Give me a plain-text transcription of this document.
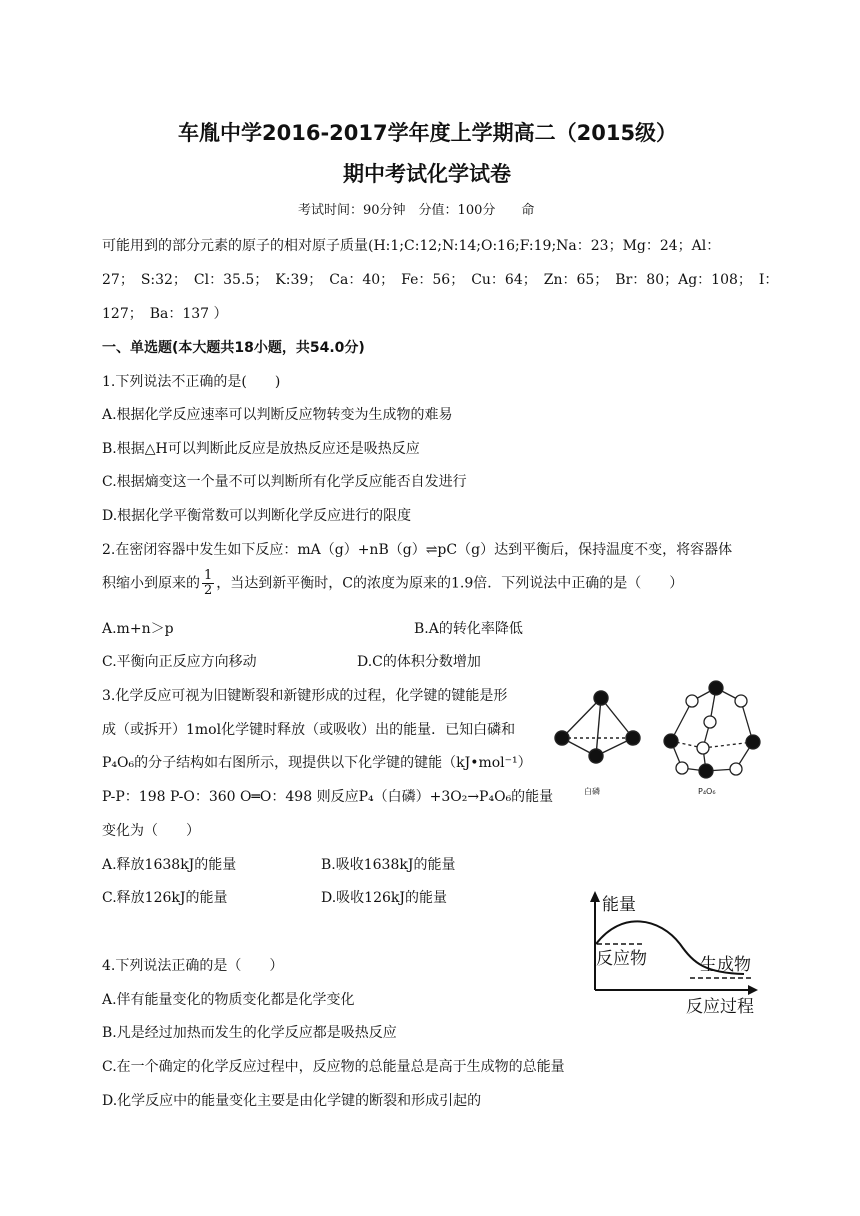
车胤中学2016-2017学年度上学期高二（2015级）
期中考试化学试卷
考试时间：90分钟　分值：100分　　命
可能用到的部分元素的原子的相对原子质量(H:1;C:12;N:14;O:16;F:19;Na：23；Mg：24；Al：
27；　S:32；　Cl：35.5；　K:39；　Ca：40；　Fe：56；　Cu：64；　Zn：65；　Br：80；Ag：108；　I：
127；　Ba：137 ）
一、单选题(本大题共18小题，共54.0分)
1.下列说法不正确的是(　　)
A.根据化学反应速率可以判断反应物转变为生成物的难易
B.根据△H可以判断此反应是放热反应还是吸热反应
C.根据熵变这一个量不可以判断所有化学反应能否自发进行
D.根据化学平衡常数可以判断化学反应进行的限度
2.在密闭容器中发生如下反应：mA（g）+nB（g）⇌pC（g）达到平衡后，保持温度不变，将容器体
积缩小到原来的 $\frac{1}{2}$ ，当达到新平衡时，C的浓度为原来的1.9倍．下列说法中正确的是（　　）
A.m+n＞p	B.A的转化率降低
C.平衡向正反应方向移动	D.C的体积分数增加
3.化学反应可视为旧键断裂和新键形成的过程，化学键的键能是形
成（或拆开）1mol化学键时释放（或吸收）出的能量．已知白磷和
P₄O₆的分子结构如右图所示，现提供以下化学键的键能（kJ•mol⁻¹）
P-P：198 P-O：360 O═O：498 则反应P₄（白磷）+3O₂→P₄O₆的能量
变化为（　　）
A.释放1638kJ的能量	B.吸收1638kJ的能量
C.释放126kJ的能量	D.吸收126kJ的能量
白磷	P₄O₆
能量
反应物	生成物
反应过程
4.下列说法正确的是（　　）
A.伴有能量变化的物质变化都是化学变化
B.凡是经过加热而发生的化学反应都是吸热反应
C.在一个确定的化学反应过程中，反应物的总能量总是高于生成物的总能量
D.化学反应中的能量变化主要是由化学键的断裂和形成引起的
